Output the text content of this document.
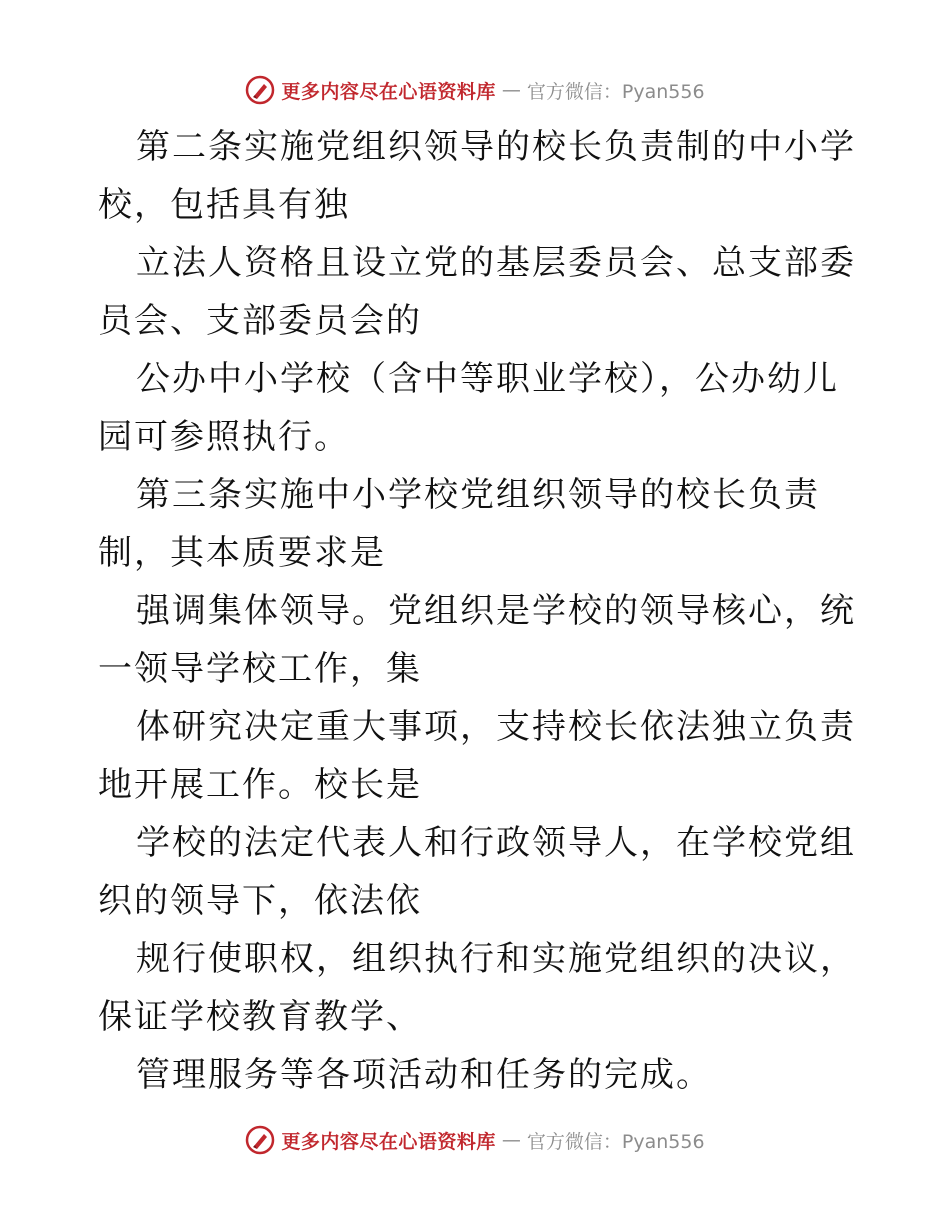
更多内容尽在心语资料库 — 官方微信：Pyan556

第二条实施党组织领导的校长负责制的中小学校，包括具有独

立法人资格且设立党的基层委员会、总支部委员会、支部委员会的

公办中小学校（含中等职业学校），公办幼儿园可参照执行。

第三条实施中小学校党组织领导的校长负责制，其本质要求是

强调集体领导。党组织是学校的领导核心，统一领导学校工作，集

体研究决定重大事项，支持校长依法独立负责地开展工作。校长是

学校的法定代表人和行政领导人，在学校党组织的领导下，依法依

规行使职权，组织执行和实施党组织的决议，保证学校教育教学、

管理服务等各项活动和任务的完成。

更多内容尽在心语资料库 — 官方微信：Pyan556
